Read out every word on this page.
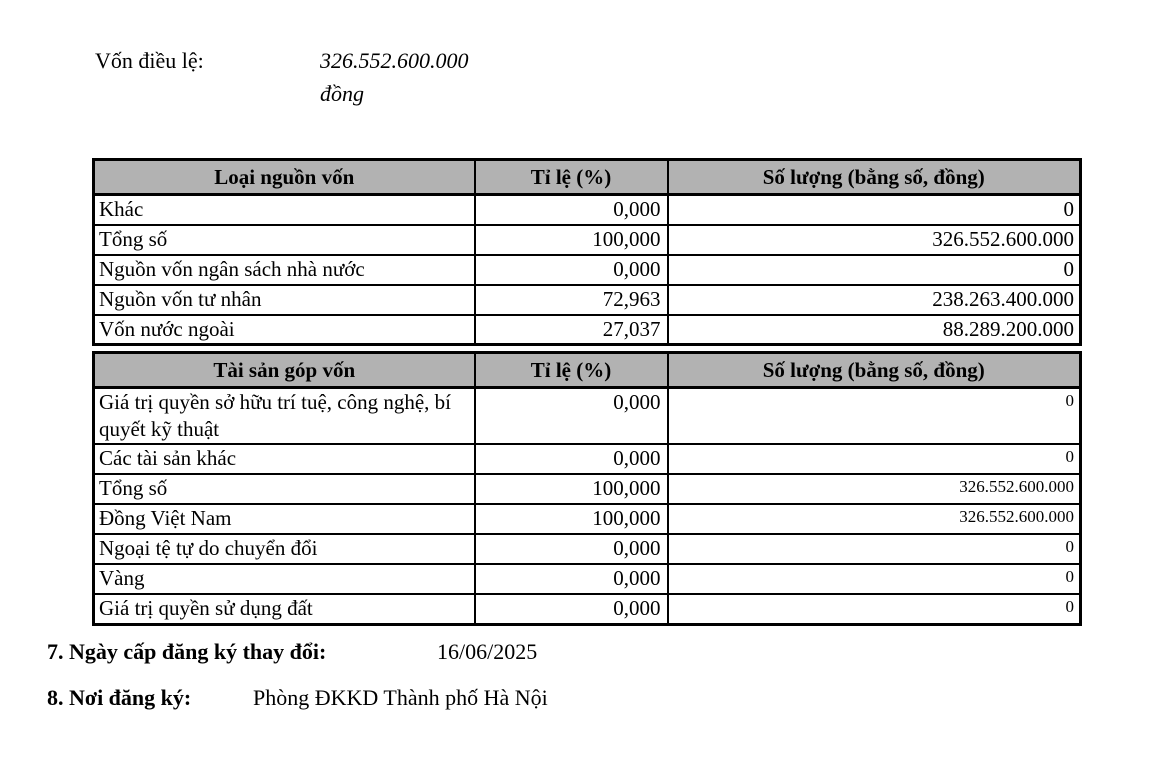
Vốn điều lệ:	326.552.600.000
đồng
Loại nguồn vốn	Tỉ lệ (%)	Số lượng (bằng số, đồng)
Khác	0,000	0
Tổng số	100,000	326.552.600.000
Nguồn vốn ngân sách nhà nước	0,000	0
Nguồn vốn tư nhân	72,963	238.263.400.000
Vốn nước ngoài	27,037	88.289.200.000
Tài sản góp vốn	Tỉ lệ (%)	Số lượng (bằng số, đồng)
Giá trị quyền sở hữu trí tuệ, công nghệ, bí quyết kỹ thuật	0,000	0
Các tài sản khác	0,000	0
Tổng số	100,000	326.552.600.000
Đồng Việt Nam	100,000	326.552.600.000
Ngoại tệ tự do chuyển đổi	0,000	0
Vàng	0,000	0
Giá trị quyền sử dụng đất	0,000	0
7. Ngày cấp đăng ký thay đổi:	16/06/2025
8. Nơi đăng ký:	Phòng ĐKKD Thành phố Hà Nội
